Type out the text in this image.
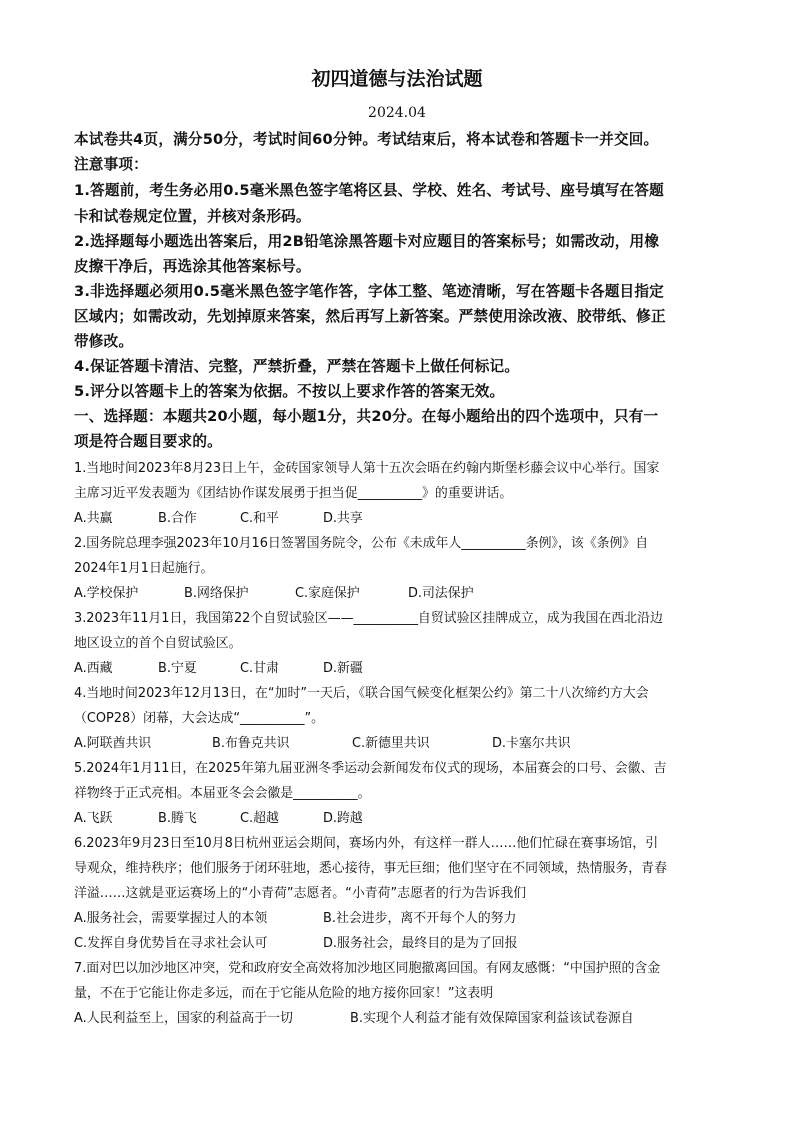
初四道德与法治试题
2024.04
本试卷共4页，满分50分，考试时间60分钟。考试结束后，将本试卷和答题卡一并交回。
注意事项：
1.答题前，考生务必用0.5毫米黑色签字笔将区县、学校、姓名、考试号、座号填写在答题
卡和试卷规定位置，并核对条形码。
2.选择题每小题选出答案后，用2B铅笔涂黑答题卡对应题目的答案标号；如需改动，用橡
皮擦干净后，再选涂其他答案标号。
3.非选择题必须用0.5毫米黑色签字笔作答，字体工整、笔迹清晰，写在答题卡各题目指定
区域内；如需改动，先划掉原来答案，然后再写上新答案。严禁使用涂改液、胶带纸、修正
带修改。
4.保证答题卡清洁、完整，严禁折叠，严禁在答题卡上做任何标记。
5.评分以答题卡上的答案为依据。不按以上要求作答的答案无效。
一、选择题：本题共20小题，每小题1分，共20分。在每小题给出的四个选项中，只有一
项是符合题目要求的。
1.当地时间2023年8月23日上午，金砖国家领导人第十五次会晤在约翰内斯堡杉藤会议中心举行。国家
主席习近平发表题为《团结协作谋发展勇于担当促__________》的重要讲话。
A.共赢	B.合作	C.和平	D.共享
2.国务院总理李强2023年10月16日签署国务院令，公布《未成年人__________条例》，该《条例》自
2024年1月1日起施行。
A.学校保护	B.网络保护	C.家庭保护	D.司法保护
3.2023年11月1日，我国第22个自贸试验区——__________自贸试验区挂牌成立，成为我国在西北沿边
地区设立的首个自贸试验区。
A.西藏	B.宁夏	C.甘肃	D.新疆
4.当地时间2023年12月13日，在“加时”一天后，《联合国气候变化框架公约》第二十八次缔约方大会
（COP28）闭幕，大会达成“__________”。
A.阿联酋共识	B.布鲁克共识	C.新德里共识	D.卡塞尔共识
5.2024年1月11日，在2025年第九届亚洲冬季运动会新闻发布仪式的现场，本届赛会的口号、会徽、吉
祥物终于正式亮相。本届亚冬会会徽是__________。
A.飞跃	B.腾飞	C.超越	D.跨越
6.2023年9月23日至10月8日杭州亚运会期间，赛场内外，有这样一群人……他们忙碌在赛事场馆，引
导观众，维持秩序；他们服务于闭环驻地，悉心接待，事无巨细；他们坚守在不同领域，热情服务，青春
洋溢……这就是亚运赛场上的“小青荷”志愿者。“小青荷”志愿者的行为告诉我们
A.服务社会，需要掌握过人的本领	B.社会进步，离不开每个人的努力
C.发挥自身优势旨在寻求社会认可	D.服务社会，最终目的是为了回报
7.面对巴以加沙地区冲突，党和政府安全高效将加沙地区同胞撤离回国。有网友感慨：“中国护照的含金
量，不在于它能让你走多远，而在于它能从危险的地方接你回家！”这表明
A.人民利益至上，国家的利益高于一切	B.实现个人利益才能有效保障国家利益该试卷源自
